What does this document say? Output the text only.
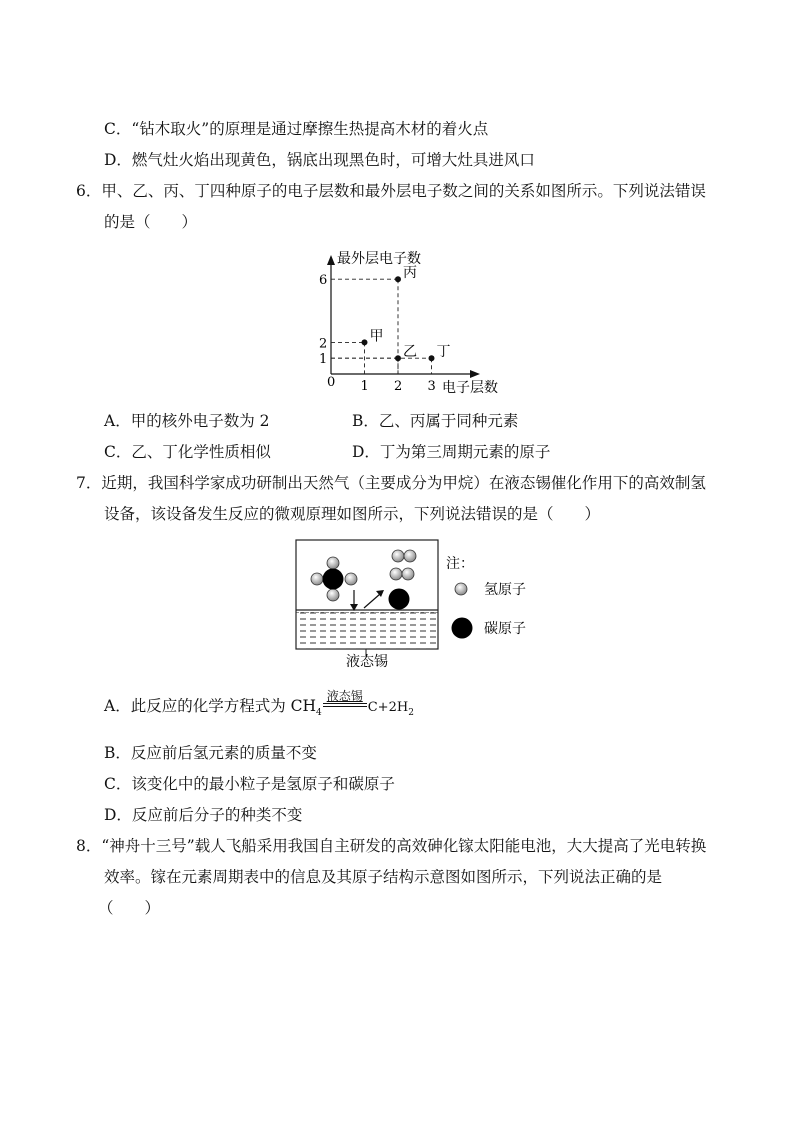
C．“钻木取火”的原理是通过摩擦生热提高木材的着火点
D．燃气灶火焰出现黄色，锅底出现黑色时，可增大灶具进风口
6．甲、乙、丙、丁四种原子的电子层数和最外层电子数之间的关系如图所示。下列说法错误
的是（　　）
最外层电子数
电子层数
0 1 2 3
1
2
6
甲
乙
丙
丁
A．甲的核外电子数为 2	B．乙、丙属于同种元素
C．乙、丁化学性质相似	D．丁为第三周期元素的原子
7．近期，我国科学家成功研制出天然气（主要成分为甲烷）在液态锡催化作用下的高效制氢
设备，该设备发生反应的微观原理如图所示，下列说法错误的是（　　）
液态锡
注：
氢原子
碳原子
A．此反应的化学方程式为 $CH_4$
液态锡
$C+2H_2$
B．反应前后氢元素的质量不变
C．该变化中的最小粒子是氢原子和碳原子
D．反应前后分子的种类不变
8．“神舟十三号”载人飞船采用我国自主研发的高效砷化镓太阳能电池，大大提高了光电转换
效率。镓在元素周期表中的信息及其原子结构示意图如图所示，下列说法正确的是
（　　）
